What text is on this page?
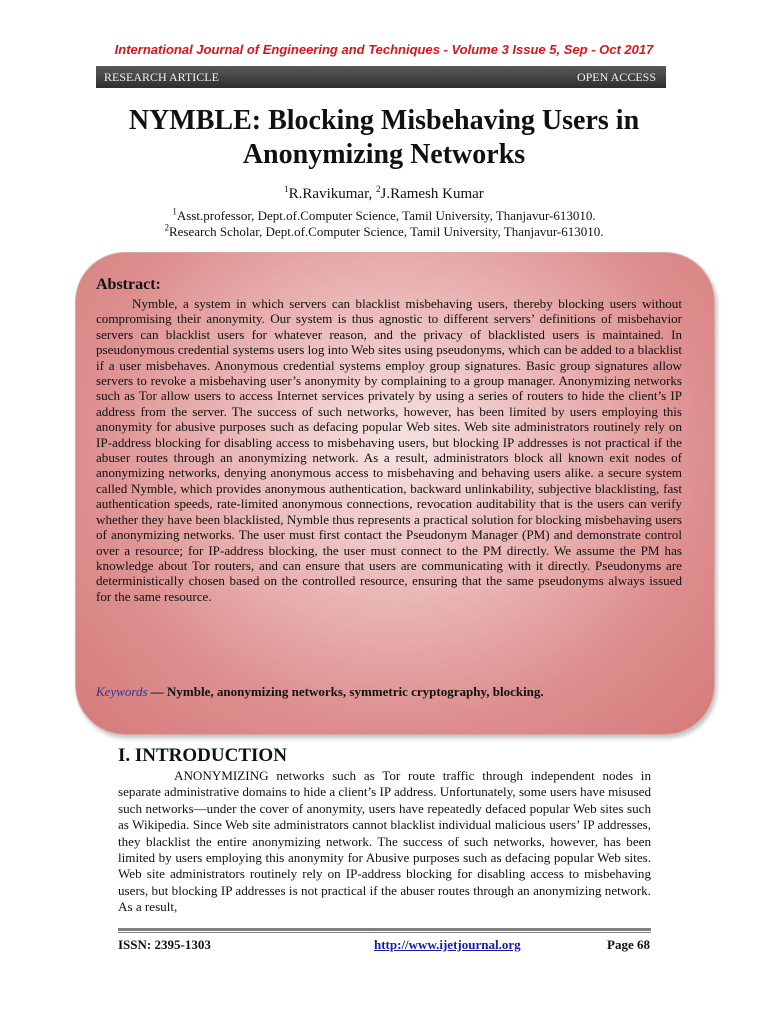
International Journal of Engineering and Techniques - Volume 3 Issue 5, Sep - Oct 2017
RESEARCH ARTICLE	OPEN ACCESS
NYMBLE: Blocking Misbehaving Users in
Anonymizing Networks
$^1$R.Ravikumar, $^2$J.Ramesh Kumar
$^1$Asst.professor, Dept.of.Computer Science, Tamil University, Thanjavur-613010.
$^2$Research Scholar, Dept.of.Computer Science, Tamil University, Thanjavur-613010.
Abstract:

Nymble, a system in which servers can blacklist misbehaving users, thereby blocking users without compromising their anonymity. Our system is thus agnostic to different servers’ definitions of misbehavior servers can blacklist users for whatever reason, and the privacy of blacklisted users is maintained. In pseudonymous credential systems users log into Web sites using pseudonyms, which can be added to a blacklist if a user misbehaves. Anonymous credential systems employ group signatures. Basic group signatures allow servers to revoke a misbehaving user’s anonymity by complaining to a group manager. Anonymizing networks such as Tor allow users to access Internet services privately by using a series of routers to hide the client’s IP address from the server. The success of such networks, however, has been limited by users employing this anonymity for abusive purposes such as defacing popular Web sites. Web site administrators routinely rely on IP-address blocking for disabling access to misbehaving users, but blocking IP addresses is not practical if the abuser routes through an anonymizing network. As a result, administrators block all known exit nodes of anonymizing networks, denying anonymous access to misbehaving and behaving users alike. a secure system called Nymble, which provides anonymous authentication, backward unlinkability, subjective blacklisting, fast authentication speeds, rate-limited anonymous connections, revocation auditability that is the users can verify whether they have been blacklisted, Nymble thus represents a practical solution for blocking misbehaving users of anonymizing networks. The user must first contact the Pseudonym Manager (PM) and demonstrate control over a resource; for IP-address blocking, the user must connect to the PM directly. We assume the PM has knowledge about Tor routers, and can ensure that users are communicating with it directly. Pseudonyms are deterministically chosen based on the controlled resource, ensuring that the same pseudonyms always issued for the same resource.

Keywords — Nymble, anonymizing networks, symmetric cryptography, blocking.
I. INTRODUCTION

ANONYMIZING networks such as Tor route traffic through independent nodes in separate administrative domains to hide a client’s IP address. Unfortunately, some users have misused such networks—under the cover of anonymity, users have repeatedly defaced popular Web sites such as Wikipedia. Since Web site administrators cannot blacklist individual malicious users’ IP addresses, they blacklist the entire anonymizing network. The success of such networks, however, has been limited by users employing this anonymity for Abusive purposes such as defacing popular Web sites. Web site administrators routinely rely on IP-address blocking for disabling access to misbehaving users, but blocking IP addresses is not practical if the abuser routes through an anonymizing network. As a result,

ISSN: 2395-1303	http://www.ijetjournal.org	Page 68
